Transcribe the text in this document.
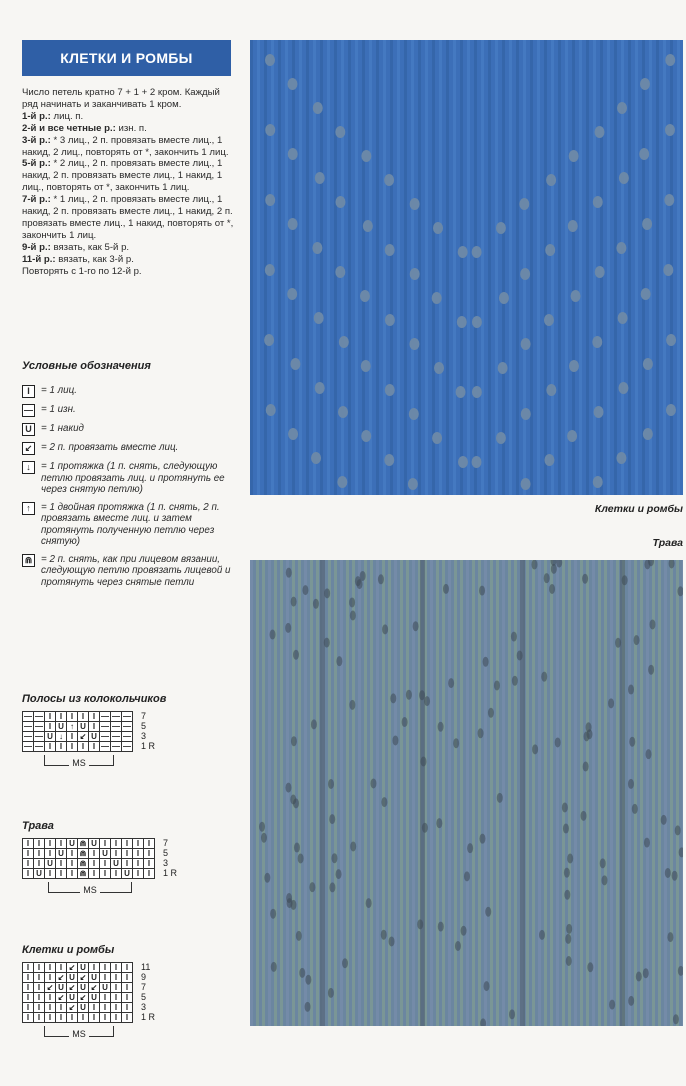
КЛЕТКИ И РОМБЫ

Число петель кратно 7 + 1 + 2 кром. Каждый ряд начинать и заканчивать 1 кром.

1-й р.: лиц. п.

2-й и все четные р.: изн. п.

3-й р.: * 3 лиц., 2 п. провязать вместе лиц., 1 накид, 2 лиц., повторять от *, закончить 1 лиц.

5-й р.: * 2 лиц., 2 п. провязать вместе лиц., 1 накид, 2 п. провязать вместе лиц., 1 накид, 1 лиц., повторять от *, закончить 1 лиц.

7-й р.: * 1 лиц., 2 п. провязать вместе лиц., 1 накид, 2 п. провязать вместе лиц., 1 накид, 2 п. провязать вместе лиц., 1 накид, повторять от *, закончить 1 лиц.

9-й р.: вязать, как 5-й р.

11-й р.: вязать, как 3-й р.

Повторять с 1-го по 12-й р.

Условные обозначения
I	= 1 лиц.
— = 1 изн.
U = 1 накид
↙ = 2 п. провязать вместе лиц.
↓	= 1 протяжка (1 п. снять, следующую петлю провязать лиц. и протянуть ее через снятую петлю)
↑	= 1 двойная протяжка (1 п. снять, 2 п. провязать вместе лиц. и затем протянуть полученную петлю через снятую)
⋒ = 2 п. снять, как при лицевом вязании, следующую петлю провязать лицевой и протянуть через снятые петли
Полосы из колокольчиков
—	—	I	I	I	I	I	—	—	—
—	—	I	U	↑	U	I	—	—	—
—	—	U	↓	I	↙	U	—	—	—
—	—	I	I	I	I	I	—	—	—
7
5
3
1 R
MS
Трава
I	I	I	I	U	⋒	U	I	I	I	I	I
I	I	I	U	I	⋒	I	U	I	I	I	I
I	I	U	I	I	⋒	I	I	U	I	I	I
I	U	I	I	I	⋒	I	I	I	U	I	I
7
5
3
1 R
MS
Клетки и ромбы
I	I	I	I	↙	U	I	I	I	I
I	I	I	↙	U	↙	U	I	I	I
I	I	↙	U	↙	U	↙	U	I	I
I	I	I	↙	U	↙	U	I	I	I
I	I	I	I	↙	U	I	I	I	I
I	I	I	I	I	I	I	I	I	I
11
9
7
5
3
1 R
MS
Клетки и ромбы
Трава
